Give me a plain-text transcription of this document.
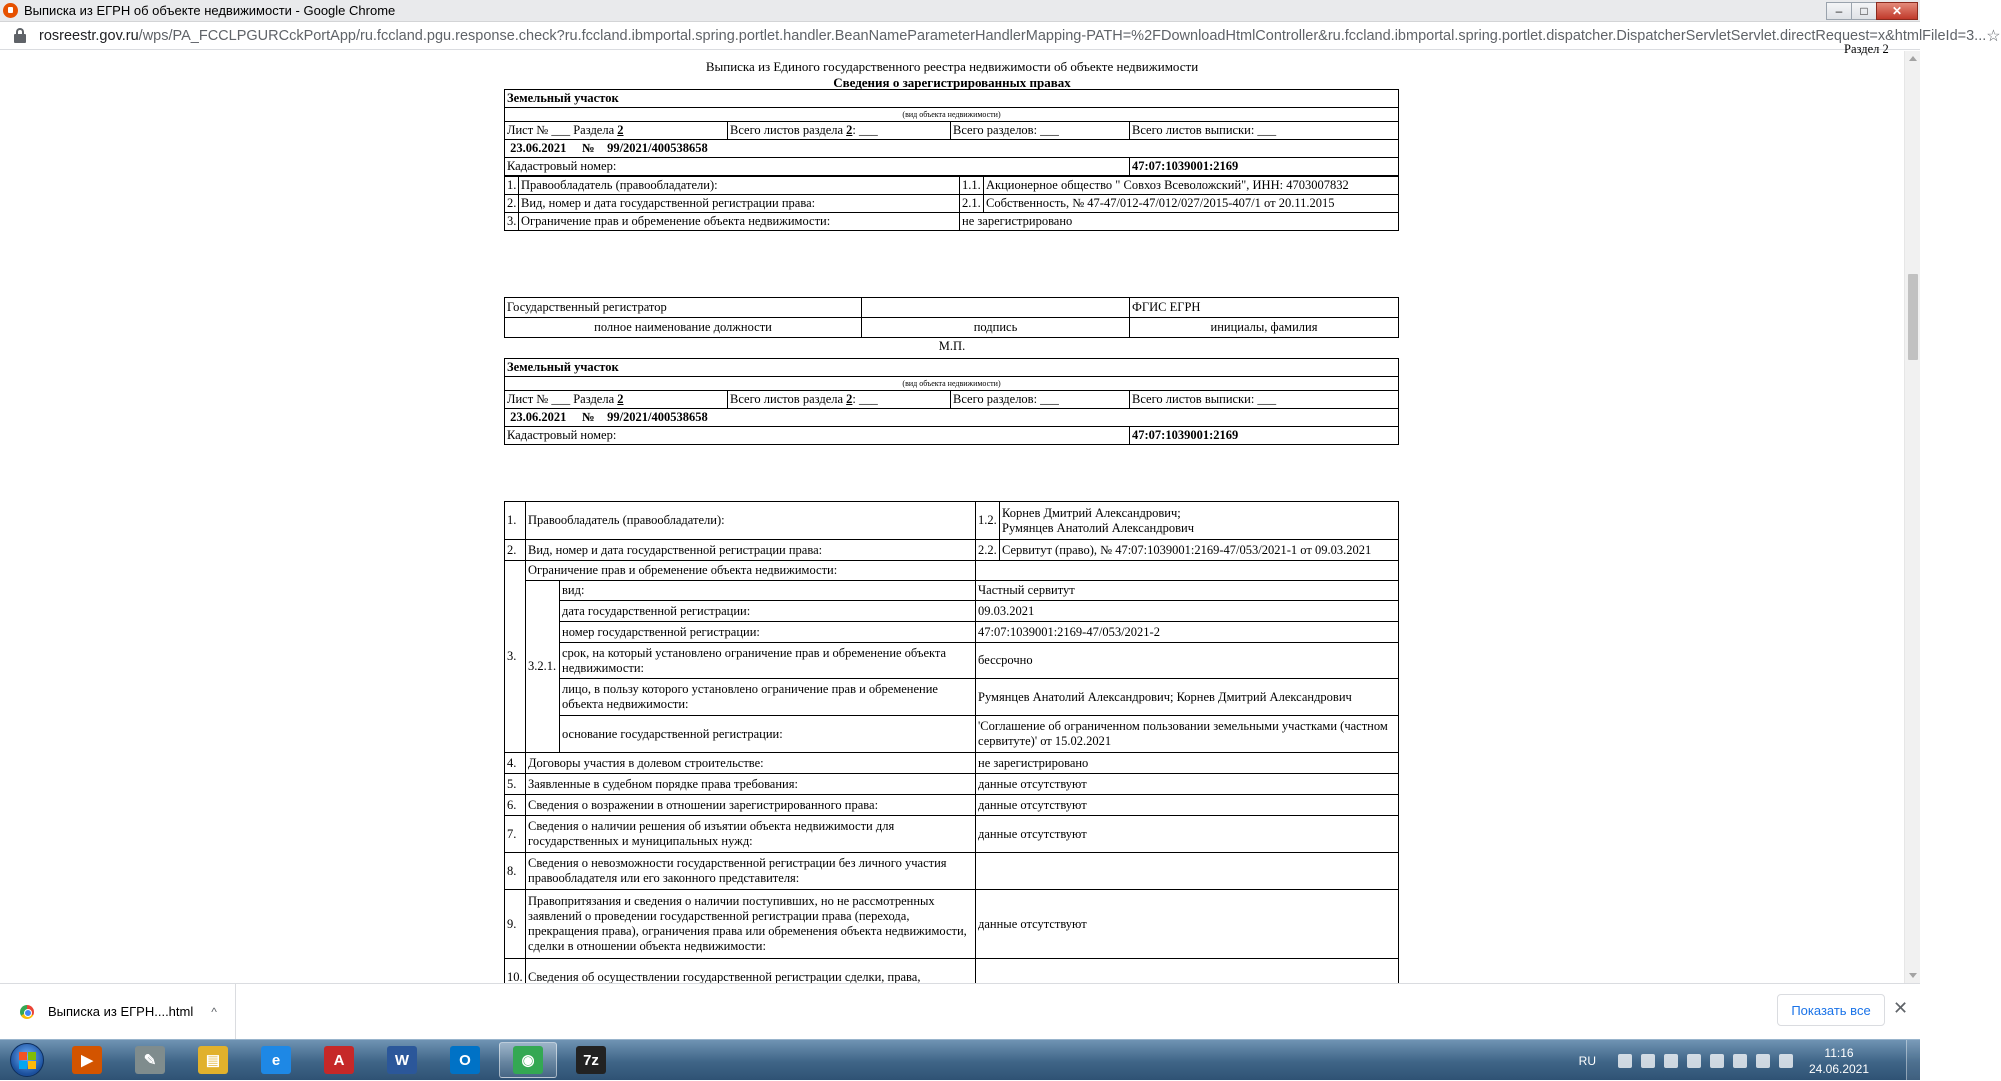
Выписка из ЕГРН об объекте недвижимости - Google Chrome	–	□	✕
rosreestr.gov.ru/wps/PA_FCCLPGURCckPortApp/ru.fccland.pgu.response.check?ru.fccland.ibmportal.spring.portlet.handler.BeanNameParameterHandlerMapping-PATH=%2FDownloadHtmlController&ru.fccland.ibmportal.spring.portlet.dispatcher.DispatcherServletServlet.directRequest=x&htmlFileId=3... ☆
Раздел 2
Выписка из Единого государственного реестра недвижимости об объекте недвижимости
Сведения о зарегистрированных правах
Земельный участок			
(вид объекта недвижимости)			
Лист № ___ Раздела 2	Всего листов раздела 2: ___	Всего разделов: ___	Всего листов выписки: ___
23.06.2021 № 99/2021/400538658			
Кадастровый номер:			47:07:1039001:2169
1.	Правообладатель (правообладатели):	1.1.	Акционерное общество " Совхоз Всеволожский", ИНН: 4703007832
2.	Вид, номер и дата государственной регистрации права:	2.1.	Собственность, № 47-47/012-47/012/027/2015-407/1 от 20.11.2015
3.	Ограничение прав и обременение объекта недвижимости:	не зарегистрировано	
Государственный регистратор		ФГИС ЕГРН
полное наименование должности	подпись	инициалы, фамилия
М.П.
Земельный участок			
(вид объекта недвижимости)			
Лист № ___ Раздела 2	Всего листов раздела 2: ___	Всего разделов: ___	Всего листов выписки: ___
23.06.2021 № 99/2021/400538658			
Кадастровый номер:			47:07:1039001:2169
1.	Правообладатель (правообладатели):		1.2.	Корнев Дмитрий Александрович;
Румянцев Анатолий Александрович
2.	Вид, номер и дата государственной регистрации права:		2.2.	Сервитут (право), № 47:07:1039001:2169-47/053/2021-1 от 09.03.2021
3.	Ограничение прав и обременение объекта недвижимости:			
	3.2.1.	вид:	Частный сервитут	
		дата государственной регистрации:	09.03.2021	
		номер государственной регистрации:	47:07:1039001:2169-47/053/2021-2	
		срок, на который установлено ограничение прав и обременение объекта недвижимости:	бессрочно	
		лицо, в пользу которого установлено ограничение прав и обременение объекта недвижимости:	Румянцев Анатолий Александрович; Корнев Дмитрий Александрович	
		основание государственной регистрации:	'Соглашение об ограниченном пользовании земельными участками (частном сервитуте)' от 15.02.2021	
4.	Договоры участия в долевом строительстве:		не зарегистрировано	
5.	Заявленные в судебном порядке права требования:		данные отсутствуют	
6.	Сведения о возражении в отношении зарегистрированного права:		данные отсутствуют	
7.	Сведения о наличии решения об изъятии объекта недвижимости для государственных и муниципальных нужд:		данные отсутствуют	
8.	Сведения о невозможности государственной регистрации без личного участия правообладателя или его законного представителя:			
9.	Правопритязания и сведения о наличии поступивших, но не рассмотренных заявлений о проведении государственной регистрации права (перехода, прекращения права), ограничения права или обременения объекта недвижимости, сделки в отношении объекта недвижимости:		данные отсутствуют	
10.	Сведения об осуществлении государственной регистрации сделки, права,			
Выписка из ЕГРН....html ^	Показать все	✕
▶	✎	▤	e	A	W	O	◉	7z	RU
11:16
24.06.2021
